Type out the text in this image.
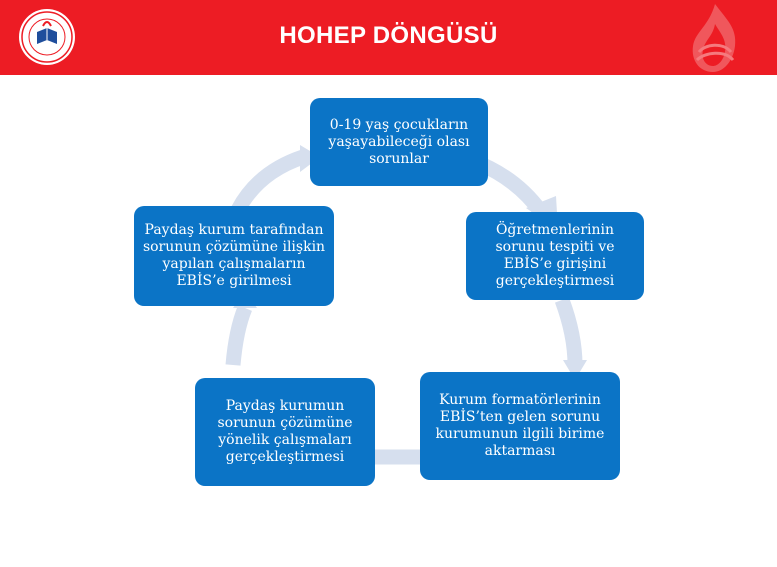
HOHEP DÖNGÜSÜ
0-19 yaş çocukların yaşayabileceği olası sorunlar
Öğretmenlerinin sorunu tespiti ve EBİS’e girişini gerçekleştirmesi
Kurum formatörlerinin EBİS’ten gelen sorunu kurumunun ilgili birime aktarması
Paydaş kurumun sorunun çözümüne yönelik çalışmaları gerçekleştirmesi
Paydaş kurum tarafından sorunun çözümüne ilişkin yapılan çalışmaların EBİS’e girilmesi
